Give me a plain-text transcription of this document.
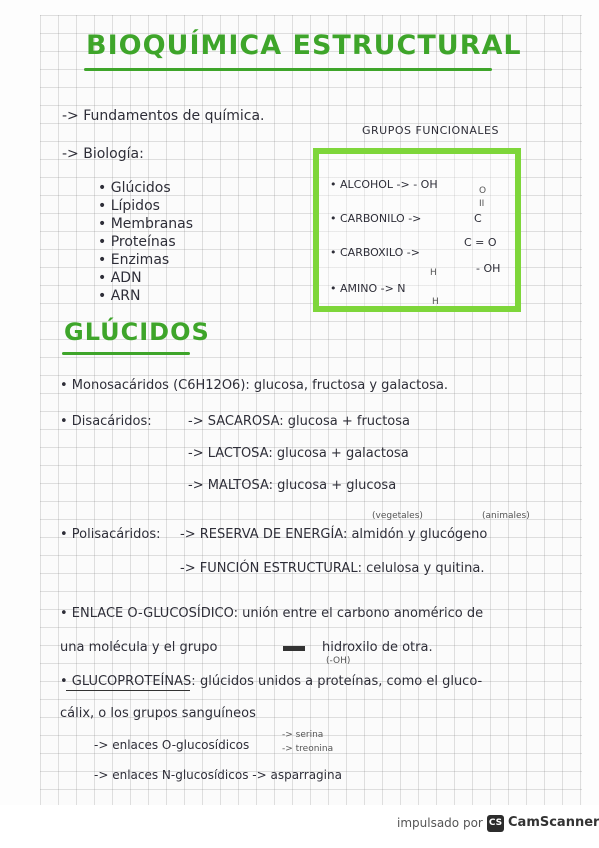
BIOQUÍMICA ESTRUCTURAL
-> Fundamentos de química.
-> Biología:
• Glúcidos
• Lípidos
• Membranas
• Proteínas
• Enzimas
• ADN
• ARN
GRUPOS FUNCIONALES
• ALCOHOL -> - OH	O
II
• CARBONILO ->	C
• CARBOXILO ->
C = O
- OH
• AMINO -> N
H
H
GLÚCIDOS
• Monosacáridos (C6H12O6): glucosa, fructosa y galactosa.
• Disacáridos:	-> SACAROSA: glucosa + fructosa
-> LACTOSA: glucosa + galactosa
-> MALTOSA: glucosa + glucosa
(vegetales)	(animales)
• Polisacáridos: -> RESERVA DE ENERGÍA: almidón y glucógeno
-> FUNCIÓN ESTRUCTURAL: celulosa y quitina.
• ENLACE O-GLUCOSÍDICO: unión entre el carbono anomérico de
una molécula y el grupo	hidroxilo de otra.
(-OH)
• GLUCOPROTEÍNAS: glúcidos unidos a proteínas, como el gluco-
cálix, o los grupos sanguíneos
-> enlaces O-glucosídicos
-> serina
-> treonina
-> enlaces N-glucosídicos -> asparragina
impulsado por CS CamScanner
